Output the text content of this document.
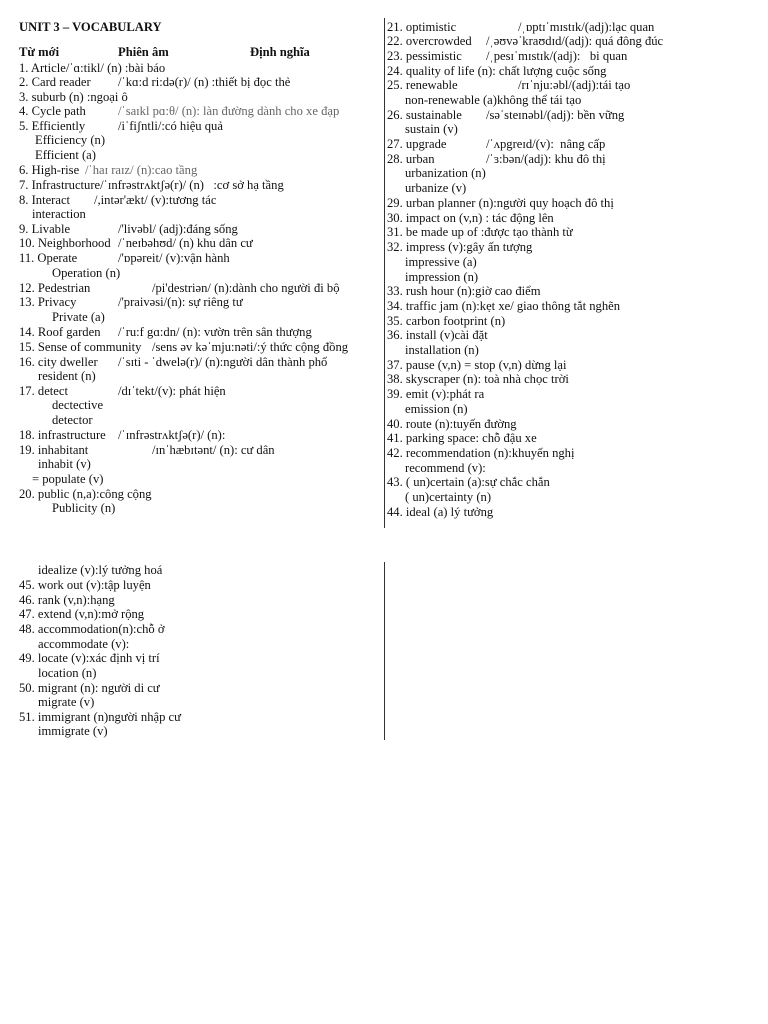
UNIT 3 – VOCABULARY
Từ mới	Phiên âm	Định nghĩa
1. Article/ˈɑ:tikl/ (n) :bài báo
2. Card reader /ˈkɑ:d ri:də(r)/ (n) :thiết bị đọc thẻ
3. suburb (n) :ngoại ô
4. Cycle path	/ˈsaɪkl pɑ:θ/ (n): làn đường dành cho xe đạp
5. Efficiently	/iˈfiʃntli/:có hiệu quả
Efficiency (n)
Efficient (a)
6. High-rise /ˈhaɪ raɪz/ (n):cao tầng
7. Infrastructure/ˈɪnfrəstrʌktʃə(r)/ (n)   :cơ sở hạ tầng
8. Interact /,intər'ækt/ (v):tương tác
interaction
9. Livable	/'livəbl/ (adj):đáng sống
10. Neighborhood /ˈneɪbəhʊd/ (n) khu dân cư
11. Operate	/'ɒpəreit/ (v):vận hành
Operation (n)
12. Pedestrian	/pi'destriən/ (n):dành cho người đi bộ
13. Privacy	/'praivəsi/(n): sự riêng tư
Private (a)
14. Roof garden /ˈru:f gɑ:dn/ (n): vườn trên sân thượng
15. Sense of community /sens əv kəˈmju:nəti/:ý thức cộng đồng
16. city dweller /ˈsɪti - ˈdwelə(r)/ (n):người dân thành phố
resident (n)
17. detect	/dɪˈtekt/(v): phát hiện
dectective
detector
18. infrastructure /ˈɪnfrəstrʌktʃə(r)/ (n):
19. inhabitant	/ɪnˈhæbɪtənt/ (n): cư dân
inhabit (v)
= populate (v)
20. public (n,a):công cộng
Publicity (n)
21. optimistic	/ˌɒptɪˈmɪstɪk/(adj):lạc quan
22. overcrowded /ˌəʊvəˈkraʊdɪd/(adj): quá đông đúc
23. pessimistic /ˌpesɪˈmɪstɪk/(adj):   bi quan
24. quality of life (n): chất lượng cuộc sống
25. renewable	/rɪˈnju:əbl/(adj):tái tạo
non-renewable (a)không thể tái tạo
26. sustainable /səˈsteɪnəbl/(adj): bền vững
sustain (v)
27. upgrade	/ˈʌpgreɪd/(v):  nâng cấp
28. urban	/ˈɜ:bən/(adj): khu đô thị
urbanization (n)
urbanize (v)
29. urban planner (n):người quy hoạch đô thị
30. impact on (v,n) : tác động lên
31. be made up of :được tạo thành từ
32. impress (v):gây ấn tượng
impressive (a)
impression (n)
33. rush hour (n):giờ cao điểm
34. traffic jam (n):kẹt xe/ giao thông tắt nghẽn
35. carbon footprint (n)
36. install (v)cài đặt
installation (n)
37. pause (v,n) = stop (v,n) dừng lại
38. skyscraper (n): toà nhà chọc trời
39. emit (v):phát ra
emission (n)
40. route (n):tuyến đường
41. parking space: chỗ đậu xe
42. recommendation (n):khuyến nghị
recommend (v):
43. ( un)certain (a):sự chắc chắn
( un)certainty (n)
44. ideal (a) lý tưởng
idealize (v):lý tưởng hoá
45. work out (v):tập luyện
46. rank (v,n):hạng
47. extend (v,n):mở rộng
48. accommodation(n):chỗ ở
accommodate (v):
49. locate (v):xác định vị trí
location (n)
50. migrant (n): người di cư
migrate (v)
51. immigrant (n)người nhập cư
immigrate (v)
